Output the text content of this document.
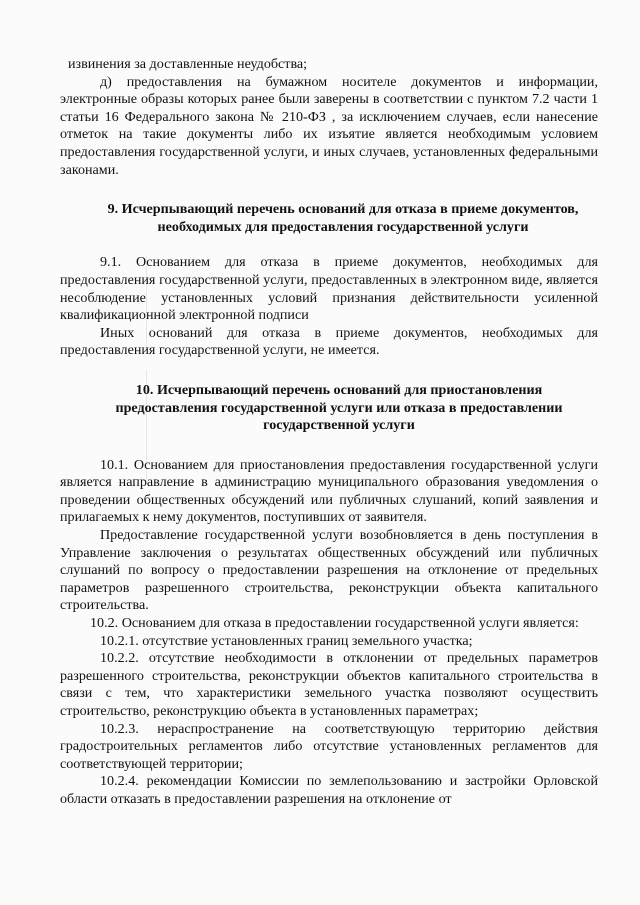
извинения за доставленные неудобства;

д) предоставления на бумажном носителе документов и информации, электронные образы которых ранее были заверены в соответствии с пунктом 7.2 части 1 статьи 16 Федерального закона № 210-ФЗ , за исключением случаев, если нанесение отметок на такие документы либо их изъятие является необходимым условием предоставления государственной услуги, и иных случаев, установленных федеральными законами.

9. Исчерпывающий перечень оснований для отказа в приеме документов, необходимых для предоставления государственной услуги

9.1. Основанием для отказа в приеме документов, необходимых для предоставления государственной услуги, предоставленных в электронном виде, является несоблюдение установленных условий признания действительности усиленной квалификационной электронной подписи

Иных оснований для отказа в приеме документов, необходимых для предоставления государственной услуги, не имеется.

10. Исчерпывающий перечень оснований для приостановления предоставления государственной услуги или отказа в предоставлении государственной услуги

10.1. Основанием для приостановления предоставления государственной услуги является направление в администрацию муниципального образования уведомления о проведении общественных обсуждений или публичных слушаний, копий заявления и прилагаемых к нему документов, поступивших от заявителя.

Предоставление государственной услуги возобновляется в день поступления в Управление заключения о результатах общественных обсуждений или публичных слушаний по вопросу о предоставлении разрешения на отклонение от предельных параметров разрешенного строительства, реконструкции объекта капитального строительства.

10.2. Основанием для отказа в предоставлении государственной услуги является:

10.2.1. отсутствие установленных границ земельного участка;

10.2.2. отсутствие необходимости в отклонении от предельных параметров разрешенного строительства, реконструкции объектов капитального строительства в связи с тем, что характеристики земельного участка позволяют осуществить строительство, реконструкцию объекта в установленных параметрах;

10.2.3. нераспространение на соответствующую территорию действия градостроительных регламентов либо отсутствие установленных регламентов для соответствующей территории;

10.2.4. рекомендации Комиссии по землепользованию и застройки Орловской области отказать в предоставлении разрешения на отклонение от
